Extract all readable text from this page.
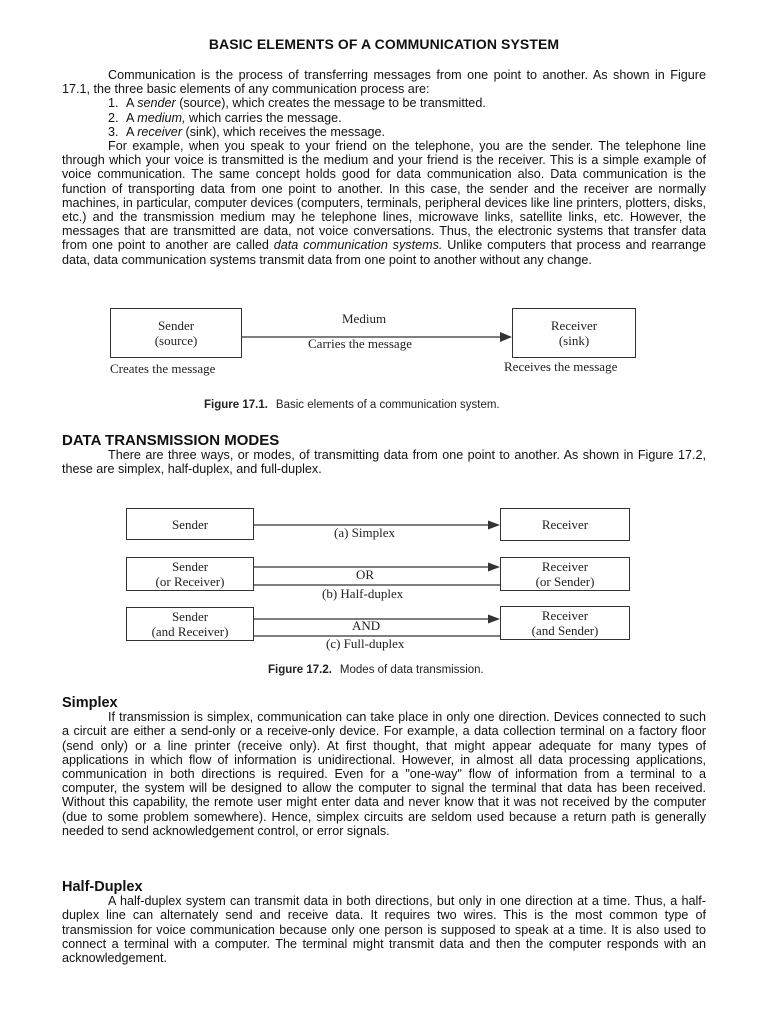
BASIC ELEMENTS OF A COMMUNICATION SYSTEM

Communication is the process of transferring messages from one point to another. As shown in Figure 17.1, the three basic elements of any communication process are:

1. A sender (source), which creates the message to be transmitted.
2. A medium, which carries the message.
3. A receiver (sink), which receives the message.

For example, when you speak to your friend on the telephone, you are the sender. The telephone line through which your voice is transmitted is the medium and your friend is the receiver. This is a simple example of voice communication. The same concept holds good for data communication also. Data communication is the function of transporting data from one point to another. In this case, the sender and the receiver are normally machines, in particular, computer devices (computers, terminals, peripheral devices like line printers, plotters, disks, etc.) and the transmission medium may he telephone lines, microwave links, satellite links, etc. However, the messages that are transmitted are data, not voice conversations. Thus, the electronic systems that transfer data from one point to another are called data communication systems. Unlike computers that process and rearrange data, data communication systems transmit data from one point to another without any change.

Sender
(source)
Creates the message
Medium
Carries the message
Receiver
(sink)
Receives the message
Figure 17.1. Basic elements of a communication system.
DATA TRANSMISSION MODES

There are three ways, or modes, of transmitting data from one point to another. As shown in Figure 17.2, these are simplex, half-duplex, and full-duplex.

Sender	Receiver
(a) Simplex
Sender
(or Receiver)
Receiver
(or Sender)
OR
(b) Half-duplex
Sender
(and Receiver)
Receiver
(and Sender)
AND
(c) Full-duplex
Figure 17.2. Modes of data transmission.
Simplex

If transmission is simplex, communication can take place in only one direction. Devices connected to such a circuit are either a send-only or a receive-only device. For example, a data collection terminal on a factory floor (send only) or a line printer (receive only). At first thought, that might appear adequate for many types of applications in which flow of information is unidirectional. However, in almost all data processing applications, communication in both directions is required. Even for a "one-way" flow of information from a terminal to a computer, the system will be designed to allow the computer to signal the terminal that data has been received. Without this capability, the remote user might enter data and never know that it was not received by the computer (due to some problem somewhere). Hence, simplex circuits are seldom used because a return path is generally needed to send acknowledgement control, or error signals.

Half-Duplex

A half-duplex system can transmit data in both directions, but only in one direction at a time. Thus, a half-duplex line can alternately send and receive data. It requires two wires. This is the most common type of transmission for voice communication because only one person is supposed to speak at a time. It is also used to connect a terminal with a computer. The terminal might transmit data and then the computer responds with an acknowledgement.
